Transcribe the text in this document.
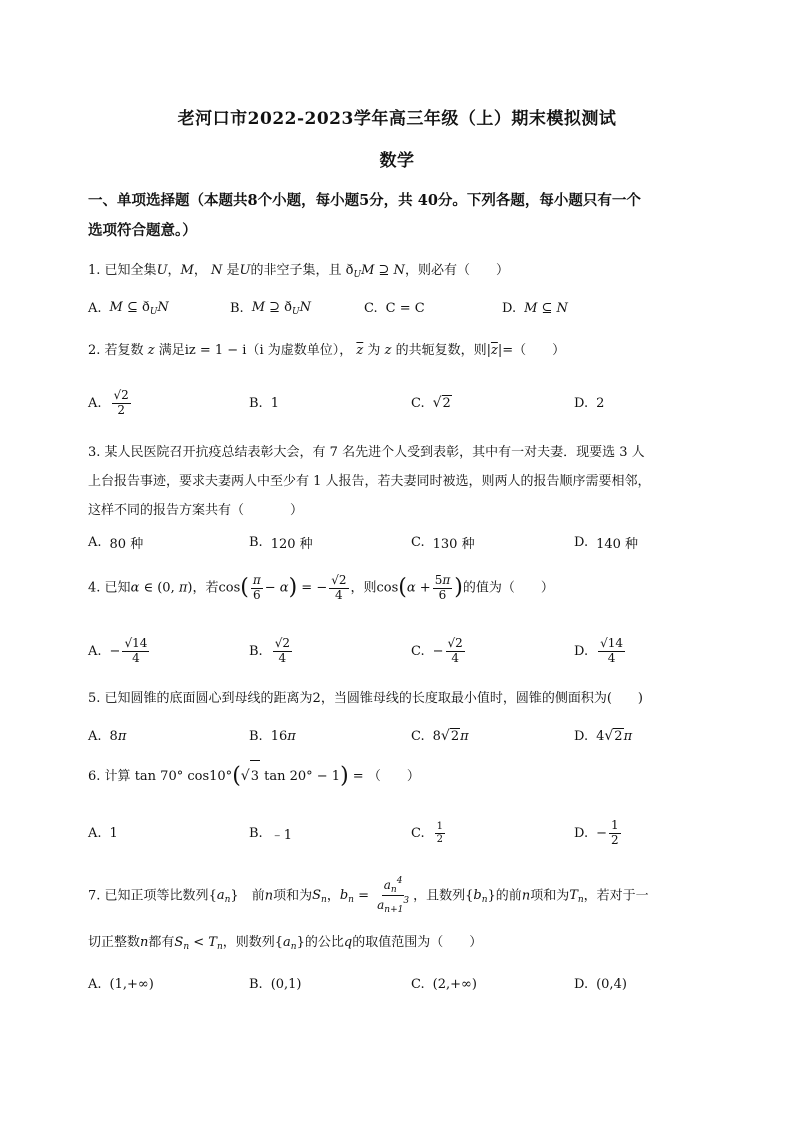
老河口市2022-2023学年高三年级（上）期末模拟测试
数学
一、单项选择题（本题共8个小题，每小题5分，共 40分。下列各题，每小题只有一个
选项符合题意。）
1. 已知全集U，M， N 是U的非空子集，且 $ð_UM$ ⊇ N，则必有（ ）
A. M ⊆ $ð_UN$	B. M ⊇ $ð_UN$	C. C = C	D. M ⊆ N
2. 若复数 z 满足iz = 1 − i（i 为虚数单位）， $\overline{z}$ 为 z 的共轭复数，则$|\overline{z}|=$（ ）
A. $\frac{√2}{2}$	B. 1	C. √ 2	D. 2
3. 某人民医院召开抗疫总结表彰大会，有 7 名先进个人受到表彰，其中有一对夫妻．现要选 3 人
上台报告事迹，要求夫妻两人中至少有 1 人报告，若夫妻同时被选，则两人的报告顺序需要相邻，
这样不同的报告方案共有（	）
A. 80 种	B. 120 种	C. 130 种	D. 140 种
4. 已知α ∈ (0, π)，若$\cos( \frac{\pi}{6} - \alpha)$ = − $\frac{√2}{4}$ ，则$\cos(\alpha + \frac{5\pi}{6}$ )的值为（ ）
A. − $\frac{√14}{4}$	B. $\frac{√2}{4}$	C. − $\frac{√2}{4}$	D. $\frac{√14}{4}$
5. 已知圆锥的底面圆心到母线的距离为2，当圆锥母线的长度取最小值时，圆锥的侧面积为( )
A. 8 π	B. 16 π	C. 8 √ 2 π	D. 4 √ 2 π
6. 计算 tan 70° cos10°( √ 3 tan 20° − 1) = （ ）
A. 1	B. ﹣1	C. $\frac{1}{2}$	D. − $\frac{1}{2}$
7. 已知正项等比数列$\{a_n\}$　 前n项和为$S_n$，$b_n = \frac{a_n^4}{a_{n+1}^3}$ ，且数列$\{b_n\}$的前n项和为$T_n$，若对于一
切正整数n都有$S_n < T_n$，则数列$\{a_n\}$的公比q的取值范围为（ ）
A. (1,+∞)	B. (0,1)	C. (2,+∞)	D. (0,4)
